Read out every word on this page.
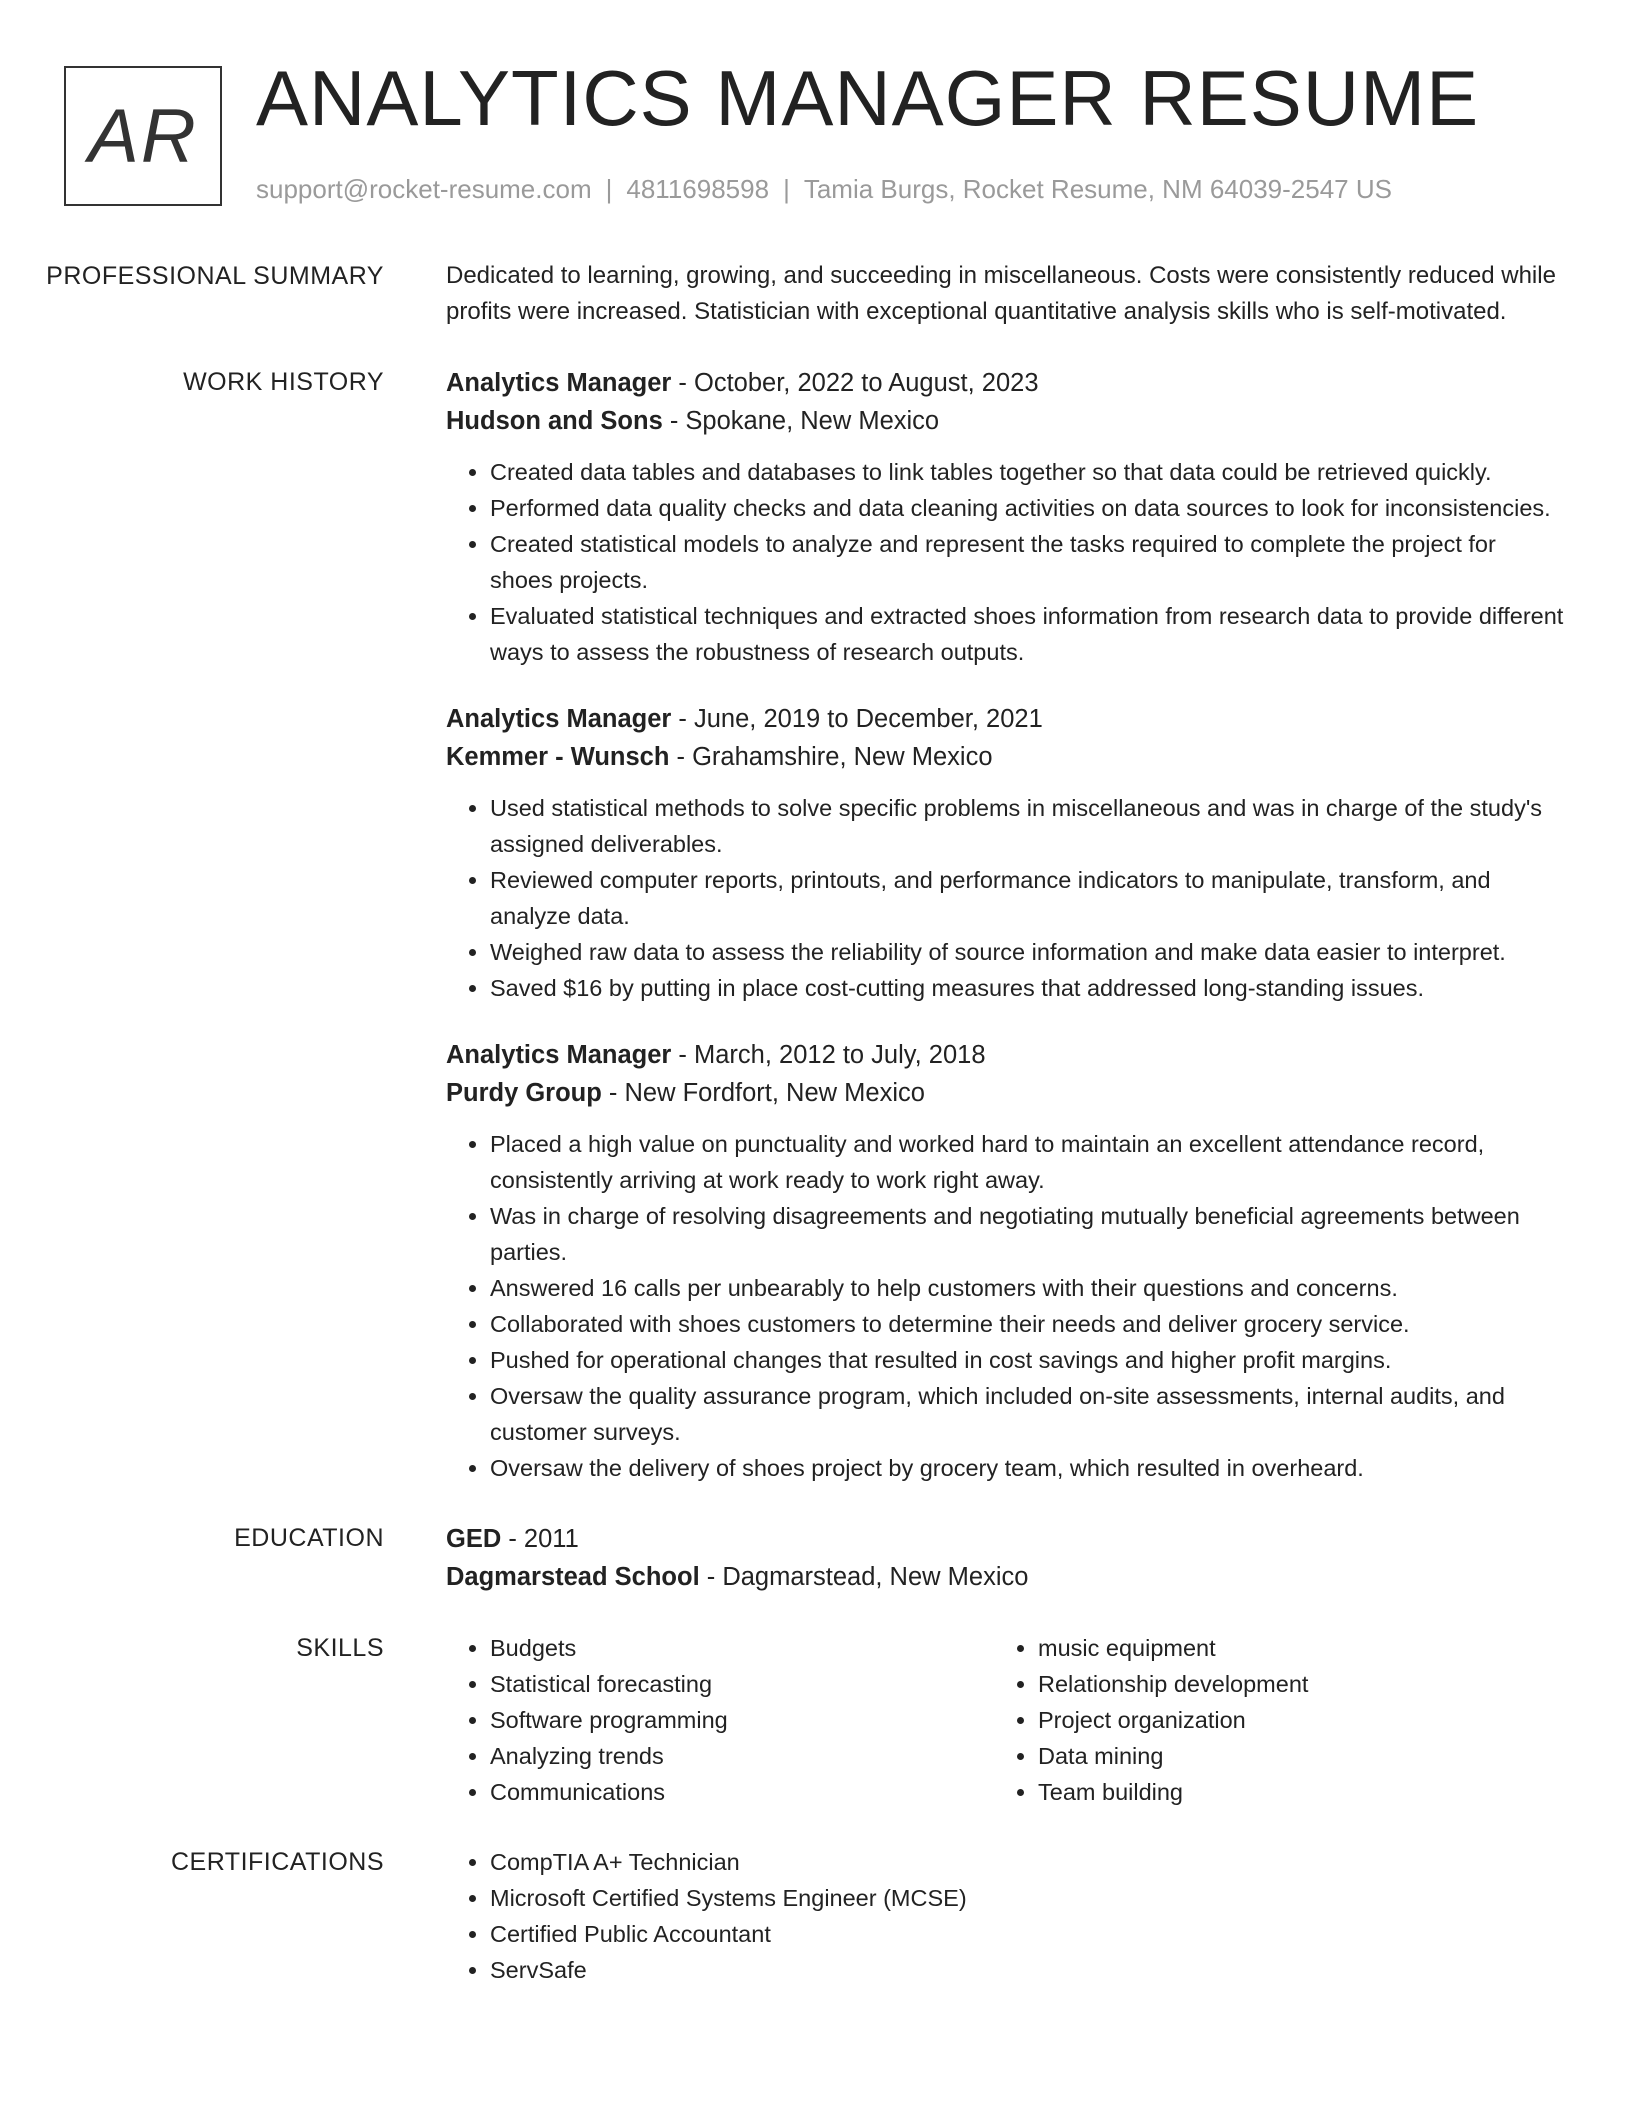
AR ANALYTICS MANAGER RESUME
support@rocket-resume.com | 4811698598 | Tamia Burgs, Rocket Resume, NM 64039-2547 US
PROFESSIONAL SUMMARY	Dedicated to learning, growing, and succeeding in miscellaneous. Costs were consistently reduced while profits were increased. Statistician with exceptional quantitative analysis skills who is self-motivated.

WORK HISTORY	Analytics Manager - October, 2022 to August, 2023
Hudson and Sons - Spokane, New Mexico
• Created data tables and databases to link tables together so that data could be retrieved quickly.
• Performed data quality checks and data cleaning activities on data sources to look for inconsistencies.
• Created statistical models to analyze and represent the tasks required to complete the project for shoes projects.
• Evaluated statistical techniques and extracted shoes information from research data to provide different ways to assess the robustness of research outputs.
Analytics Manager - June, 2019 to December, 2021
Kemmer - Wunsch - Grahamshire, New Mexico
• Used statistical methods to solve specific problems in miscellaneous and was in charge of the study's assigned deliverables.
• Reviewed computer reports, printouts, and performance indicators to manipulate, transform, and analyze data.
• Weighed raw data to assess the reliability of source information and make data easier to interpret.
• Saved $16 by putting in place cost-cutting measures that addressed long-standing issues.
Analytics Manager - March, 2012 to July, 2018
Purdy Group - New Fordfort, New Mexico
• Placed a high value on punctuality and worked hard to maintain an excellent attendance record, consistently arriving at work ready to work right away.
• Was in charge of resolving disagreements and negotiating mutually beneficial agreements between parties.
• Answered 16 calls per unbearably to help customers with their questions and concerns.
• Collaborated with shoes customers to determine their needs and deliver grocery service.
• Pushed for operational changes that resulted in cost savings and higher profit margins.
• Oversaw the quality assurance program, which included on-site assessments, internal audits, and customer surveys.
• Oversaw the delivery of shoes project by grocery team, which resulted in overheard.
EDUCATION	GED - 2011
Dagmarstead School - Dagmarstead, New Mexico
SKILLS	• Budgets
• Statistical forecasting
• Software programming
• Analyzing trends
• Communications
• music equipment
• Relationship development
• Project organization
• Data mining
• Team building
CERTIFICATIONS	• CompTIA A+ Technician
• Microsoft Certified Systems Engineer (MCSE)
• Certified Public Accountant
• ServSafe
